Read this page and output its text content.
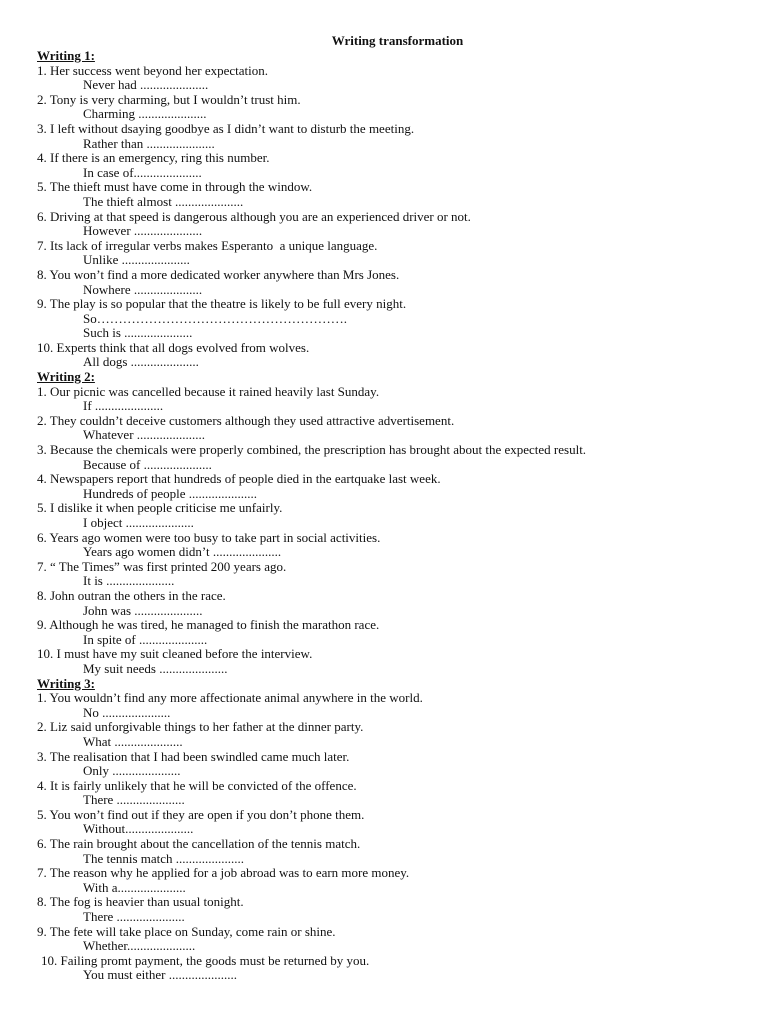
Writing transformation
Writing 1:
1. Her success went beyond her expectation.
Never had .....................
2. Tony is very charming, but I wouldn’t trust him.
Charming .....................
3. I left without dsaying goodbye as I didn’t want to disturb the meeting.
Rather than .....................
4. If there is an emergency, ring this number.
In case of.....................
5. The thieft must have come in through the window.
The thieft almost .....................
6. Driving at that speed is dangerous although you are an experienced driver or not.
However .....................
7. Its lack of irregular verbs makes Esperanto  a unique language.
Unlike .....................
8. You won’t find a more dedicated worker anywhere than Mrs Jones.
Nowhere .....................
9. The play is so popular that the theatre is likely to be full every night.
So………………………………………………….
Such is .....................
10. Experts think that all dogs evolved from wolves.
All dogs .....................
Writing 2:
1. Our picnic was cancelled because it rained heavily last Sunday.
If .....................
2. They couldn’t deceive customers although they used attractive advertisement.
Whatever .....................
3. Because the chemicals were properly combined, the prescription has brought about the expected result.
Because of .....................
4. Newspapers report that hundreds of people died in the eartquake last week.
Hundreds of people .....................
5. I dislike it when people criticise me unfairly.
I object .....................
6. Years ago women were too busy to take part in social activities.
Years ago women didn’t .....................
7. “ The Times” was first printed 200 years ago.
It is .....................
8. John outran the others in the race.
John was .....................
9. Although he was tired, he managed to finish the marathon race.
In spite of .....................
10. I must have my suit cleaned before the interview.
My suit needs .....................
Writing 3:
1. You wouldn’t find any more affectionate animal anywhere in the world.
No .....................
2. Liz said unforgivable things to her father at the dinner party.
What .....................
3. The realisation that I had been swindled came much later.
Only .....................
4. It is fairly unlikely that he will be convicted of the offence.
There .....................
5. You won’t find out if they are open if you don’t phone them.
Without.....................
6. The rain brought about the cancellation of the tennis match.
The tennis match .....................
7. The reason why he applied for a job abroad was to earn more money.
With a.....................
8. The fog is heavier than usual tonight.
There .....................
9. The fete will take place on Sunday, come rain or shine.
Whether.....................
10. Failing promt payment, the goods must be returned by you.
You must either .....................
